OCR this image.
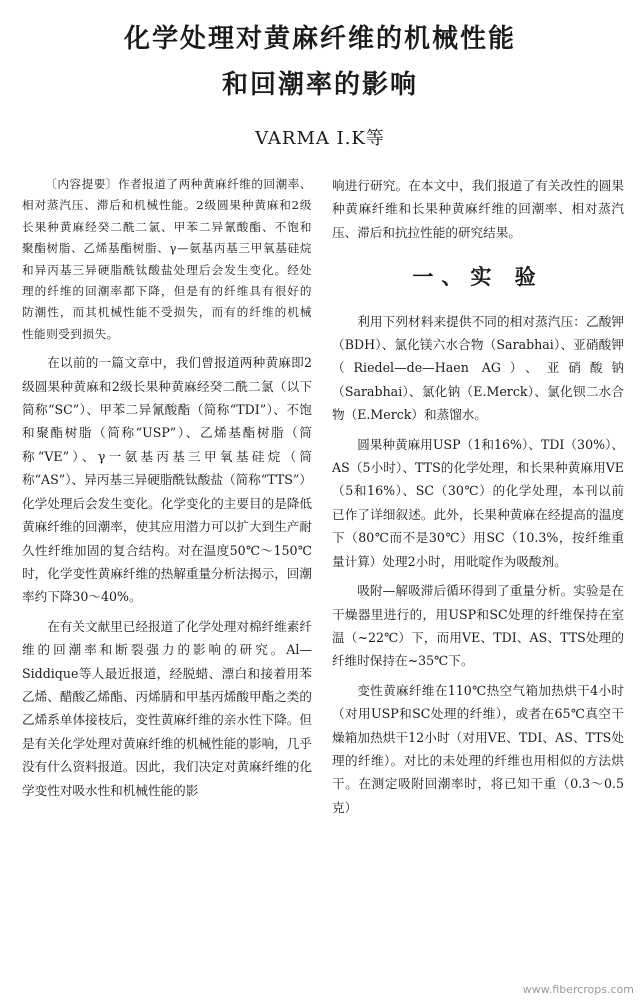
化学处理对黄麻纤维的机械性能
和回潮率的影响
VARMA I.K等

〔内容提要〕作者报道了两种黄麻纤维的回潮率、相对蒸汽压、滞后和机械性能。2级圆果种黄麻和2级长果种黄麻经癸二酰二氯、甲苯二异氰酸酯、不饱和聚酯树脂、乙烯基酯树脂、γ—氨基丙基三甲氧基硅烷和异丙基三异硬脂酰钛酸盐处理后会发生变化。经处理的纤维的回潮率都下降，但是有的纤维具有很好的防潮性，而其机械性能不受损失，而有的纤维的机械性能则受到损失。

在以前的一篇文章中，我们曾报道两种黄麻即2级圆果种黄麻和2级长果种黄麻经癸二酰二氯（以下简称“SC”）、甲苯二异氰酸酯（简称“TDI”）、不饱和聚酯树脂（简称“USP”）、乙烯基酯树脂（简称“VE”）、γ一氨基丙基三甲氧基硅烷（简称“AS”）、异丙基三异硬脂酰钛酸盐（简称“TTS”）化学处理后会发生变化。化学变化的主要目的是降低黄麻纤维的回潮率，使其应用潜力可以扩大到生产耐久性纤维加固的复合结构。对在温度50℃～150℃时，化学变性黄麻纤维的热解重量分析法揭示，回潮率约下降30～40%。

在有关文献里已经报道了化学处理对棉纤维素纤维的回潮率和断裂强力的影响的研究。Al—Siddique等人最近报道，经脱蜡、漂白和接着用苯乙烯、醋酸乙烯酯、丙烯腈和甲基丙烯酸甲酯之类的乙烯系单体接枝后，变性黄麻纤维的亲水性下降。但是有关化学处理对黄麻纤维的机械性能的影响，几乎没有什么资料报道。因此，我们决定对黄麻纤维的化学变性对吸水性和机械性能的影

响进行研究。在本文中，我们报道了有关改性的圆果种黄麻纤维和长果种黄麻纤维的回潮率、相对蒸汽压、滞后和抗拉性能的研究结果。

一、实 验

利用下列材料来提供不同的相对蒸汽压：乙酸钾（BDH）、氯化镁六水合物（Sarabhai）、亚硝酸钾（Riedel—de—Haen AG）、亚硝酸钠（Sarabhai）、氯化钠（E.Merck）、氯化钡二水合物（E.Merck）和蒸馏水。

圆果种黄麻用USP（1和16%）、TDI（30%）、AS（5小时）、TTS的化学处理，和长果种黄麻用VE（5和16%）、SC（30℃）的化学处理，本刊以前已作了详细叙述。此外，长果种黄麻在经提高的温度下（80℃而不是30℃）用SC（10.3%，按纤维重量计算）处理2小时，用吡啶作为吸酸剂。

吸附—解吸滞后循环得到了重量分析。实验是在干燥器里进行的，用USP和SC处理的纤维保持在室温（~22℃）下，而用VE、TDI、AS、TTS处理的纤维时保持在~35℃下。

变性黄麻纤维在110℃热空气箱加热烘干4小时（对用USP和SC处理的纤维），或者在65℃真空干燥箱加热烘干12小时（对用VE、TDI、AS、TTS处理的纤维）。对比的未处理的纤维也用相似的方法烘干。在测定吸附回潮率时，将已知干重（0.3～0.5克）

www.fibercrops.com
